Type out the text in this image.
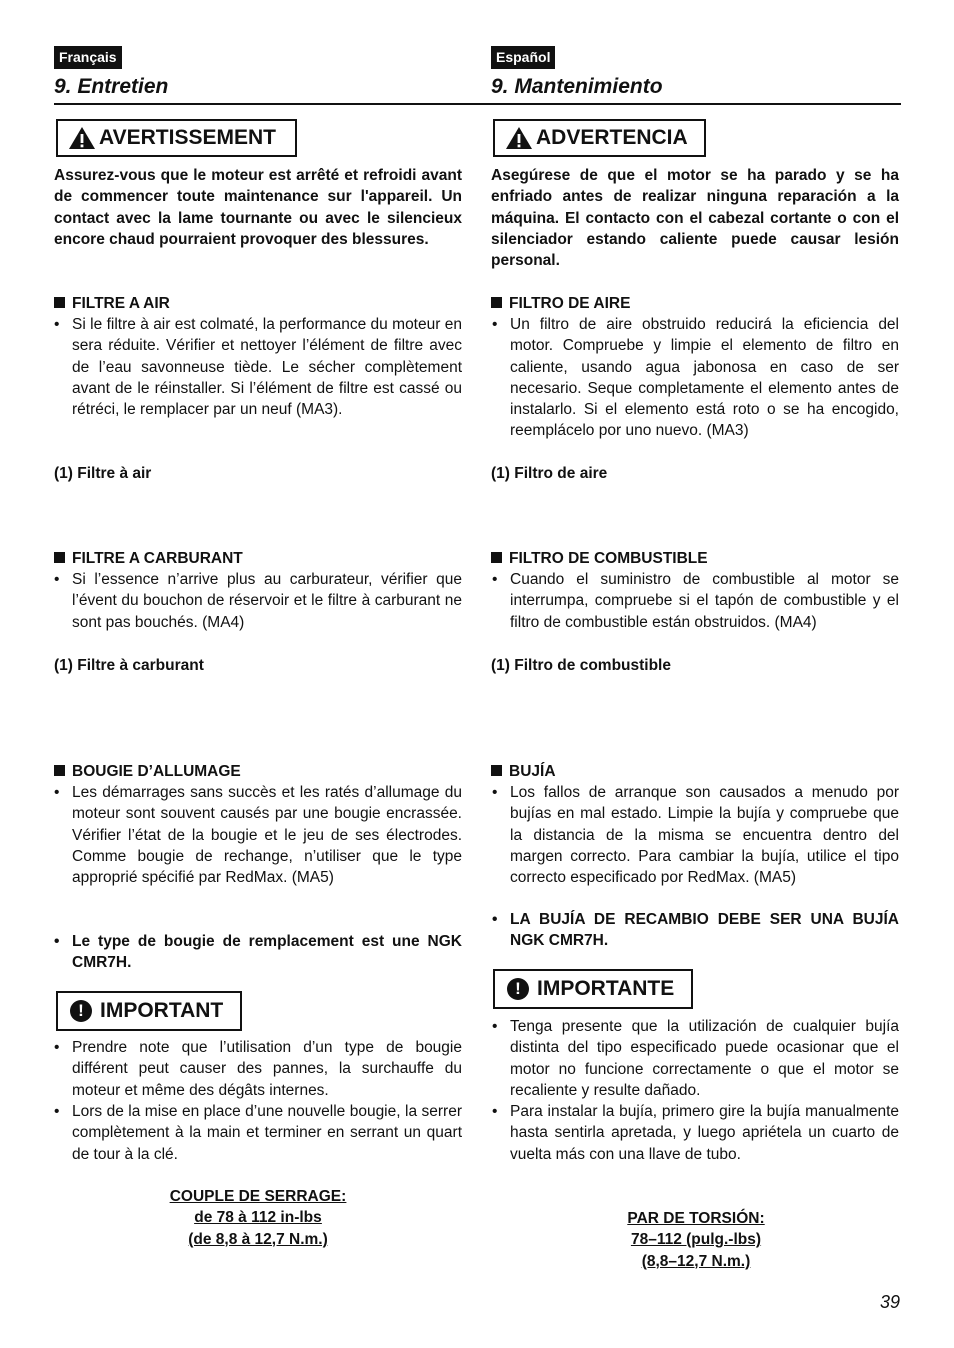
Français
9. Entretien
Español
9. Mantenimiento
AVERTISSEMENT
Assurez-vous que le moteur est arrêté et refroidi avant de commencer toute maintenance sur l'appareil. Un contact avec la lame tournante ou avec le silencieux encore chaud pourraient provoquer des blessures.
FILTRE A AIR
• Si le filtre à air est colmaté, la performance du moteur en sera réduite. Vérifier et nettoyer l’élément de filtre avec de l’eau savonneuse tiède. Le sécher complètement avant de le réinstaller. Si l’élément de filtre est cassé ou rétréci, le remplacer par un neuf (MA3).
(1) Filtre à air
FILTRE A CARBURANT
• Si l’essence n’arrive plus au carburateur, vérifier que l’évent du bouchon de réservoir et le filtre à carburant ne sont pas bouchés. (MA4)
(1) Filtre à carburant
BOUGIE D’ALLUMAGE
• Les démarrages sans succès et les ratés d’allumage du moteur sont souvent causés par une bougie encrassée. Vérifier l’état de la bougie et le jeu de ses électrodes. Comme bougie de rechange, n’utiliser que le type approprié spécifié par RedMax. (MA5)
• Le type de bougie de remplacement est une NGK CMR7H.
! IMPORTANT
• Prendre note que l’utilisation d’un type de bougie différent peut causer des pannes, la surchauffe du moteur et même des dégâts internes.
• Lors de la mise en place d’une nouvelle bougie, la serrer complètement à la main et terminer en serrant un quart de tour à la clé.
COUPLE DE SERRAGE:
de 78 à 112 in-lbs
(de 8,8 à 12,7 N.m.)
ADVERTENCIA
Asegúrese de que el motor se ha parado y se ha enfriado antes de realizar ninguna reparación a la máquina. El contacto con el cabezal cortante o con el silenciador estando caliente puede causar lesión personal.
FILTRO DE AIRE
• Un filtro de aire obstruido reducirá la eficiencia del motor. Compruebe y limpie el elemento de filtro en caliente, usando agua jabonosa en caso de ser necesario. Seque completamente el elemento antes de instalarlo. Si el elemento está roto o se ha encogido, reemplácelo por uno nuevo. (MA3)
(1) Filtro de aire
FILTRO DE COMBUSTIBLE
• Cuando el suministro de combustible al motor se interrumpa, compruebe si el tapón de combustible y el filtro de combustible están obstruidos. (MA4)
(1) Filtro de combustible
BUJÍA
• Los fallos de arranque son causados a menudo por bujías en mal estado. Limpie la bujía y compruebe que la distancia de la misma se encuentra dentro del margen correcto. Para cambiar la bujía, utilice el tipo correcto especificado por RedMax. (MA5)
• LA BUJÍA DE RECAMBIO DEBE SER UNA BUJÍA NGK CMR7H.
! IMPORTANTE
• Tenga presente que la utilización de cualquier bujía distinta del tipo especificado puede ocasionar que el motor no funcione correctamente o que el motor se recaliente y resulte dañado.
• Para instalar la bujía, primero gire la bujía manualmente hasta sentirla apretada, y luego apriétela un cuarto de vuelta más con una llave de tubo.
PAR DE TORSIÓN:
78–112 (pulg.-lbs)
(8,8–12,7 N.m.)
39
